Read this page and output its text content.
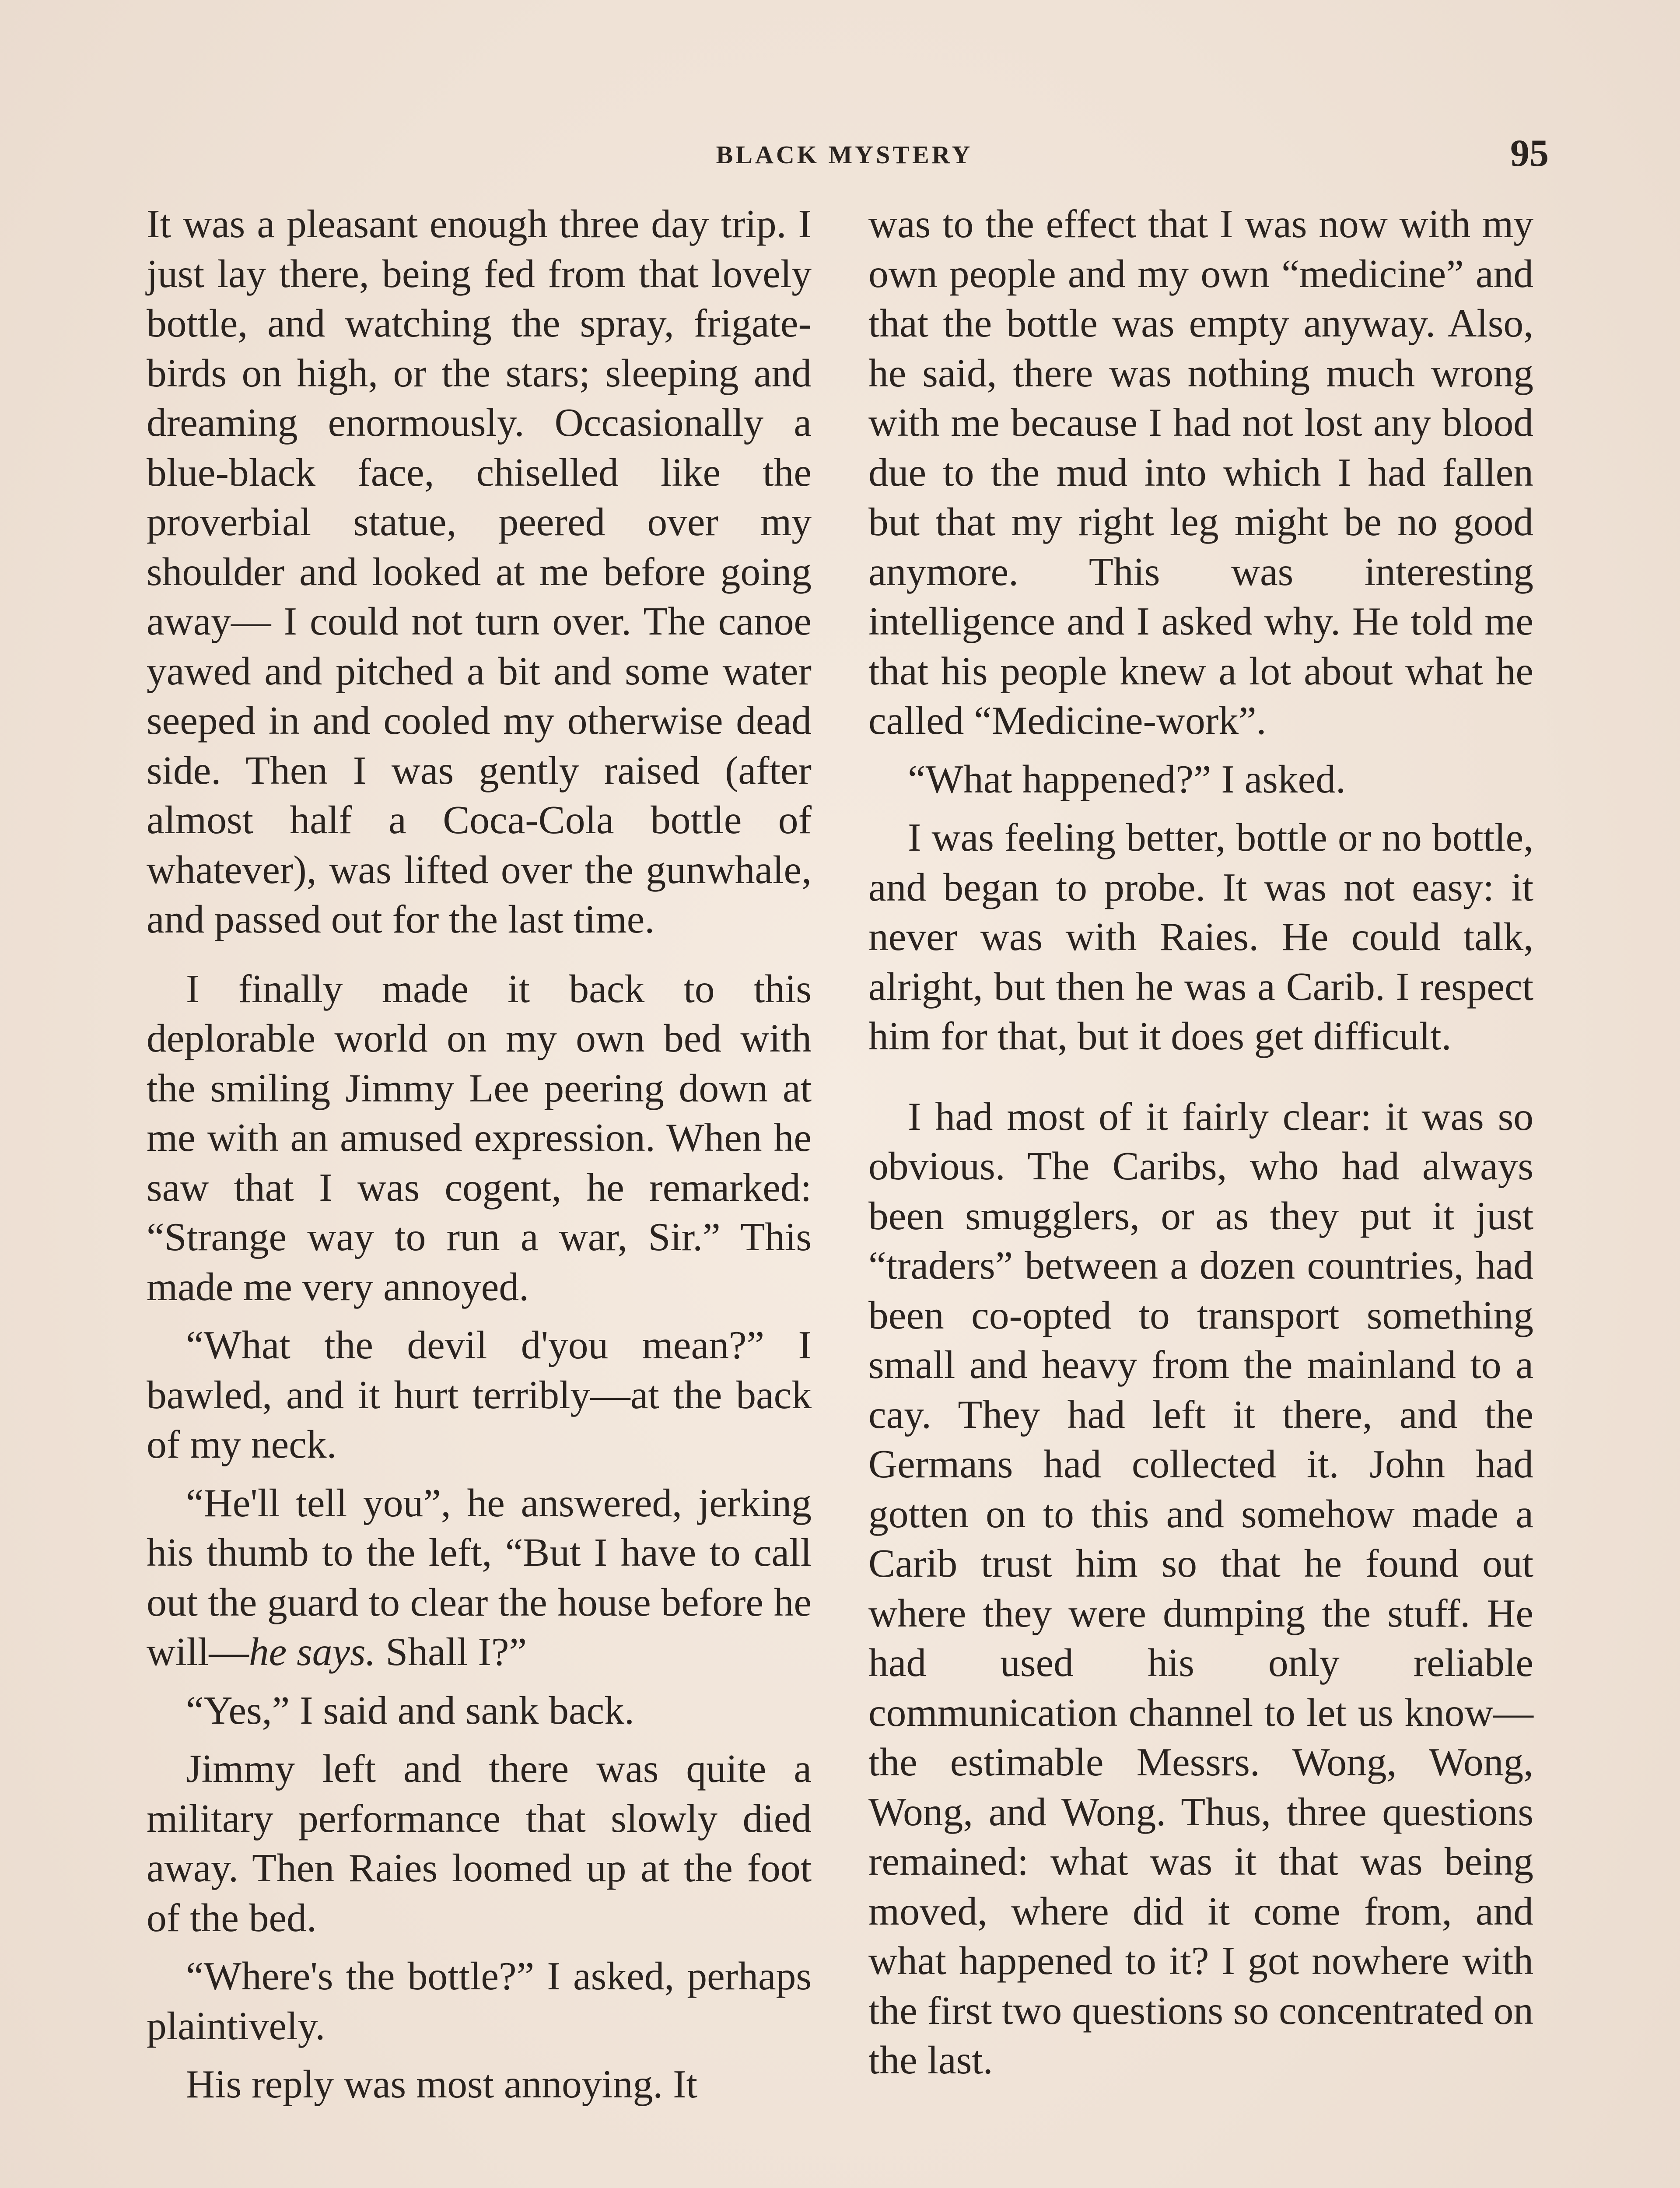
BLACK MYSTERY	95

It was a pleasant enough three day trip. I just lay there, being fed from that lovely bottle, and watching the spray, frigate-birds on high, or the stars; sleeping and dreaming enormously. Occasionally a blue-black face, chiselled like the proverbial statue, peered over my shoulder and looked at me before going away— I could not turn over. The canoe yawed and pitched a bit and some water seeped in and cooled my otherwise dead side. Then I was gently raised (after almost half a Coca-Cola bottle of whatever), was lifted over the gunwhale, and passed out for the last time.

I finally made it back to this deplorable world on my own bed with the smiling Jimmy Lee peering down at me with an amused expression. When he saw that I was cogent, he remarked: “Strange way to run a war, Sir.” This made me very annoyed.

“What the devil d'you mean?” I bawled, and it hurt terribly—at the back of my neck.

“He'll tell you”, he answered, jerking his thumb to the left, “But I have to call out the guard to clear the house before he will—he says. Shall I?”

“Yes,” I said and sank back.

Jimmy left and there was quite a military performance that slowly died away. Then Raies loomed up at the foot of the bed.

“Where's the bottle?” I asked, perhaps plaintively.

His reply was most annoying. It

was to the effect that I was now with my own people and my own “medicine” and that the bottle was empty anyway. Also, he said, there was nothing much wrong with me because I had not lost any blood due to the mud into which I had fallen but that my right leg might be no good anymore. This was interesting intelligence and I asked why. He told me that his people knew a lot about what he called “Medicine-work”.

“What happened?” I asked.

I was feeling better, bottle or no bottle, and began to probe. It was not easy: it never was with Raies. He could talk, alright, but then he was a Carib. I respect him for that, but it does get difficult.

I had most of it fairly clear: it was so obvious. The Caribs, who had always been smugglers, or as they put it just “traders” between a dozen countries, had been co-opted to transport something small and heavy from the mainland to a cay. They had left it there, and the Germans had collected it. John had gotten on to this and somehow made a Carib trust him so that he found out where they were dumping the stuff. He had used his only reliable communication channel to let us know—the estimable Messrs. Wong, Wong, Wong, and Wong. Thus, three questions remained: what was it that was being moved, where did it come from, and what happened to it? I got nowhere with the first two questions so concentrated on the last.
